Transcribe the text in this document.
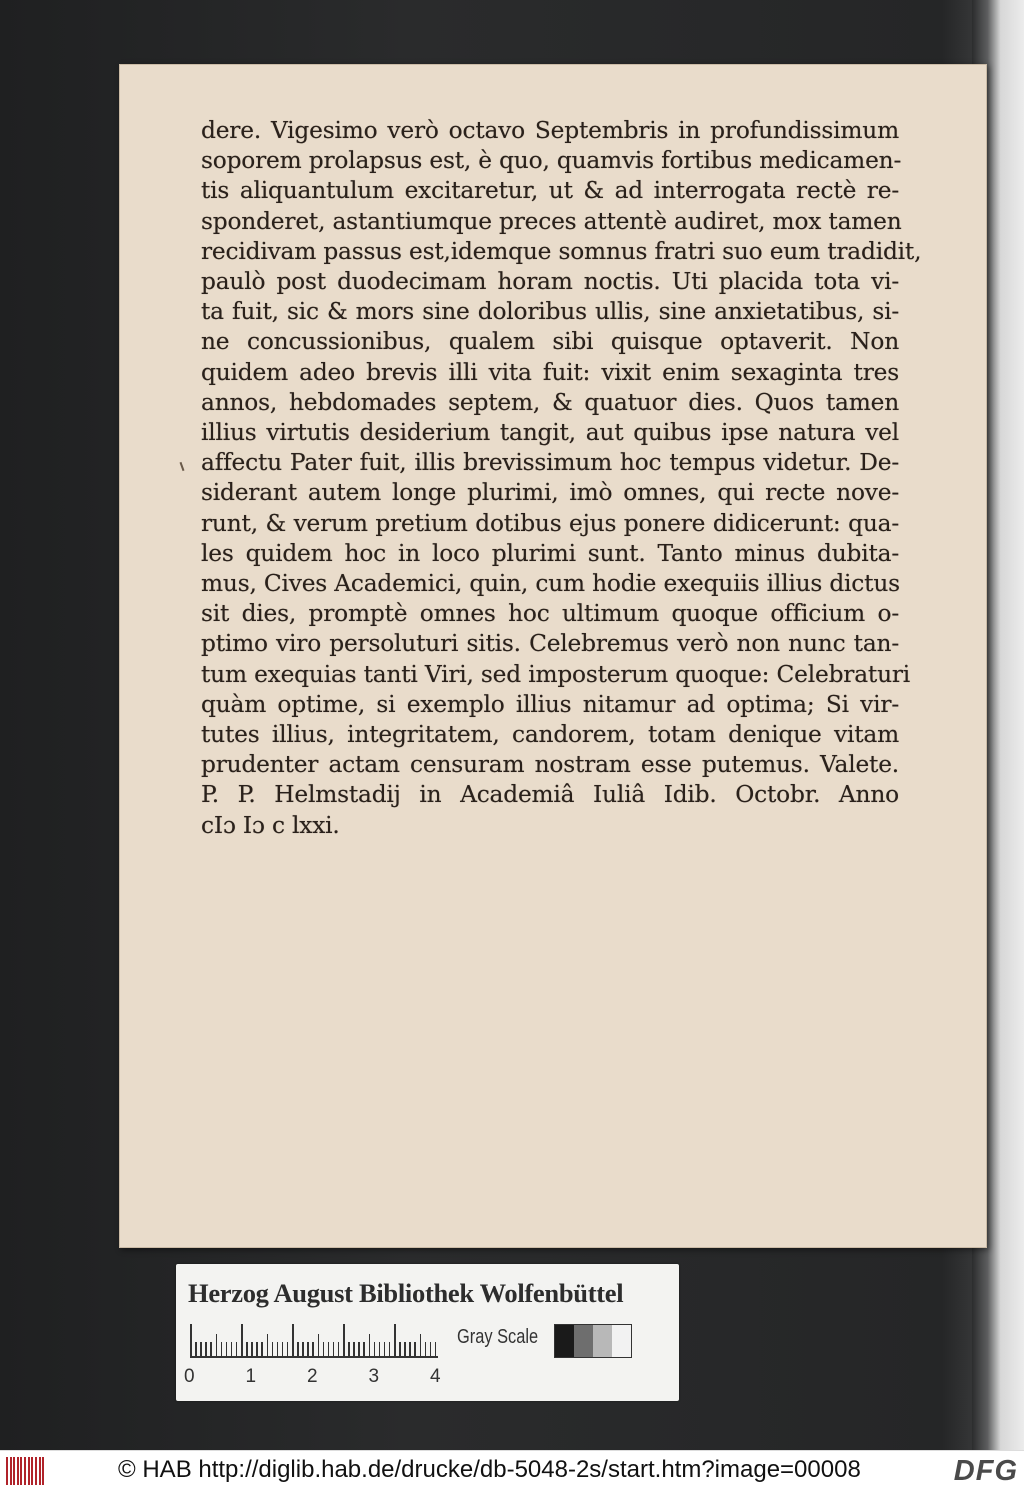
dere. Vigesimo verò octavo Septembris in profundissimum
soporem prolapsus est, è quo, quamvis fortibus medicamen-
tis aliquantulum excitaretur, ut & ad interrogata rectè re-
sponderet, astantiumque preces attentè audiret, mox tamen
recidivam passus est,idemque somnus fratri suo eum tradidit,
paulò post duodecimam horam noctis. Uti placida tota vi-
ta fuit, sic & mors sine doloribus ullis, sine anxietatibus, si-
ne concussionibus, qualem sibi quisque optaverit. Non
quidem adeo brevis illi vita fuit: vixit enim sexaginta tres
annos, hebdomades septem, & quatuor dies. Quos tamen
illius virtutis desiderium tangit, aut quibus ipse natura vel
affectu Pater fuit, illis brevissimum hoc tempus videtur. De-
siderant autem longe plurimi, imò omnes, qui recte nove-
runt, & verum pretium dotibus ejus ponere didicerunt: qua-
les quidem hoc in loco plurimi sunt. Tanto minus dubita-
mus, Cives Academici, quin, cum hodie exequiis illius dictus
sit dies, promptè omnes hoc ultimum quoque officium o-
ptimo viro persoluturi sitis. Celebremus verò non nunc tan-
tum exequias tanti Viri, sed imposterum quoque: Celebraturi
quàm optime, si exemplo illius nitamur ad optima; Si vir-
tutes illius, integritatem, candorem, totam denique vitam
prudenter actam censuram nostram esse putemus. Valete.
P. P. Helmstadij in Academiâ Iuliâ Idib. Octobr. Anno
cIɔ Iɔ c lxxi.
Herzog August Bibliothek Wolfenbüttel
0	1	2	3	4
Gray Scale
© HAB http://diglib.hab.de/drucke/db-5048-2s/start.htm?image=00008	DFG
